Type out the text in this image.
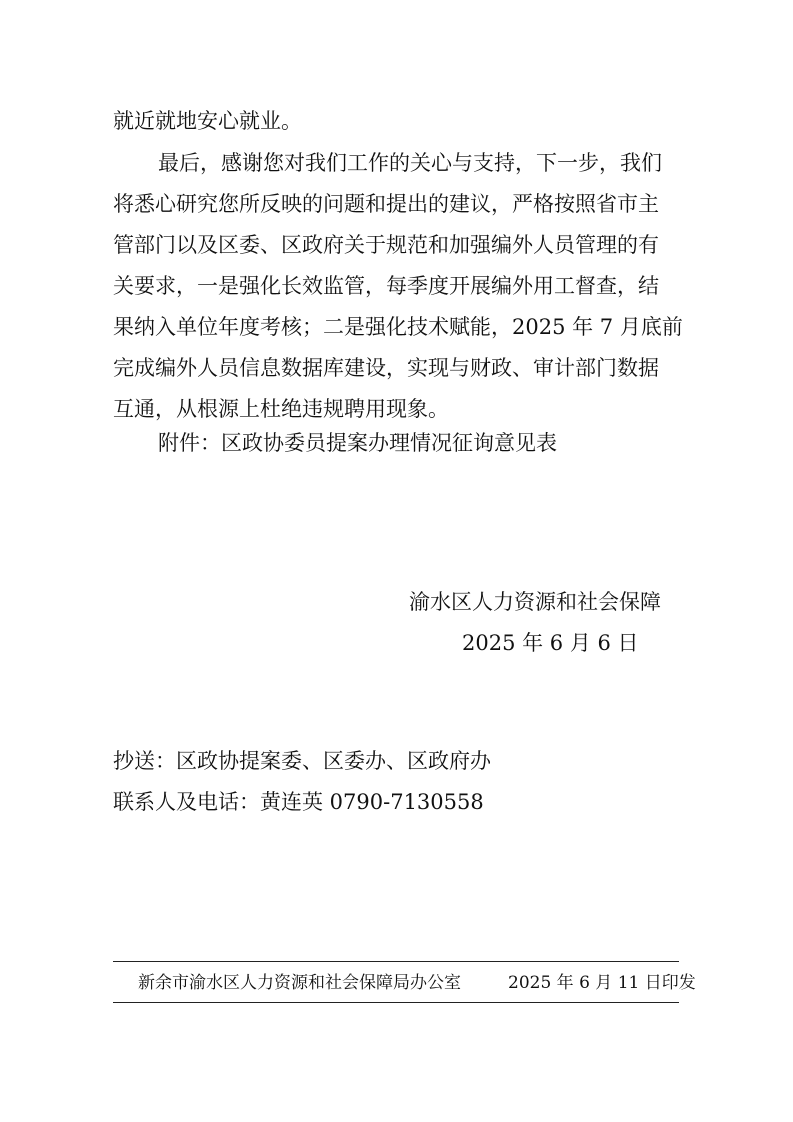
就近就地安心就业。
最后，感谢您对我们工作的关心与支持，下一步，我们
将悉心研究您所反映的问题和提出的建议，严格按照省市主
管部门以及区委、区政府关于规范和加强编外人员管理的有
关要求，一是强化长效监管，每季度开展编外用工督查，结
果纳入单位年度考核；二是强化技术赋能，2025 年 7 月底前
完成编外人员信息数据库建设，实现与财政、审计部门数据
互通，从根源上杜绝违规聘用现象。
附件：区政协委员提案办理情况征询意见表
渝水区人力资源和社会保障
2025 年 6 月 6 日
抄送：区政协提案委、区委办、区政府办
联系人及电话：黄连英 0790-7130558
新余市渝水区人力资源和社会保障局办公室	2025 年 6 月 11 日印发
